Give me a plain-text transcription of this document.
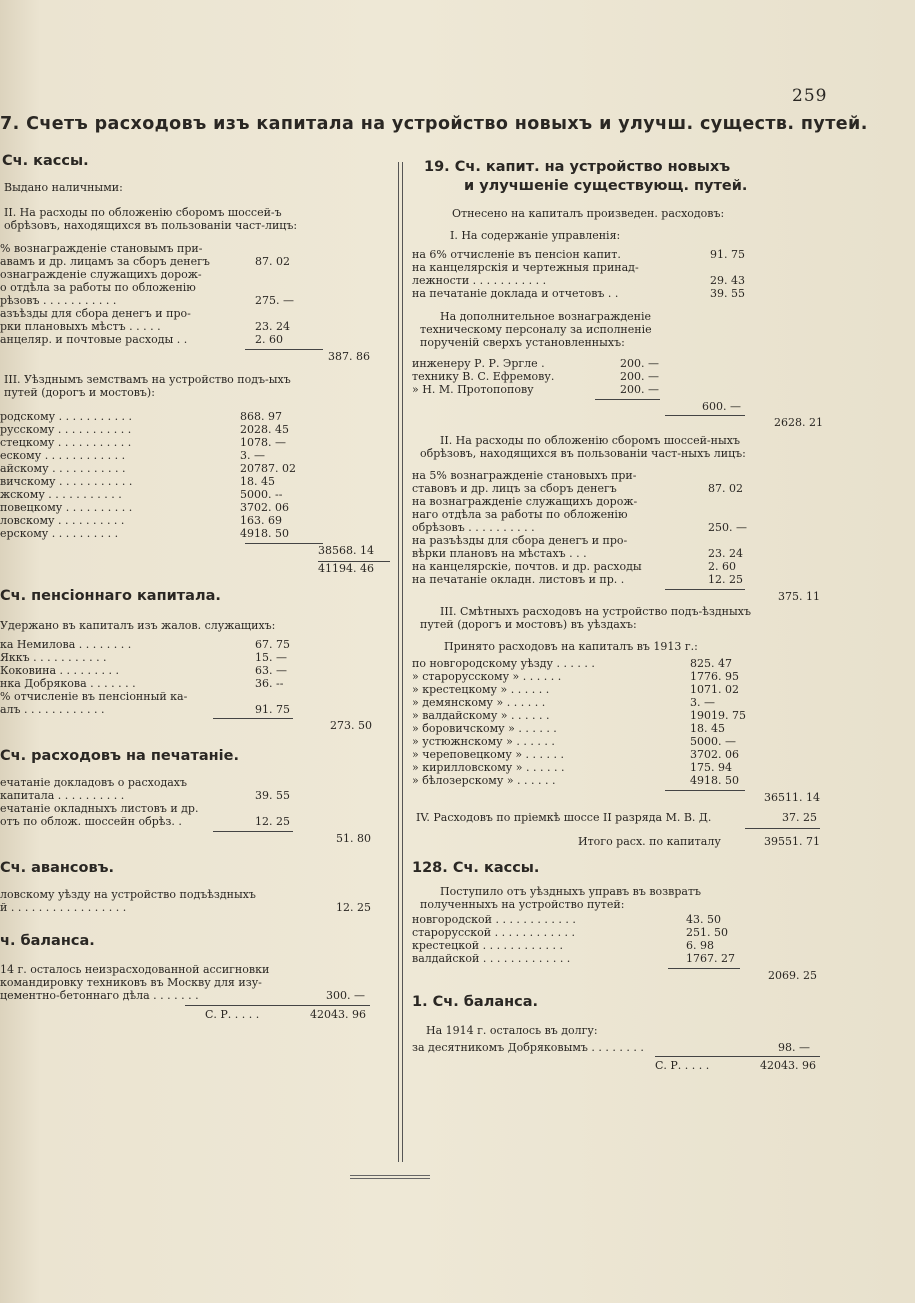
259
7. Счетъ расходовъ изъ капитала на устройство новыхъ и улучш. существ. путей.
Сч. кассы.

Выдано наличными:

II. На расходы по обложенію сборомъ шоссей-ъ обрѣзовъ, находящихся въ пользованіи част-лицъ:

% вознагражденіе становымъ при-
авамъ и др. лицамъ за сборъ денегъ	87. 02
ознагражденіе служащихъ дорож-
о отдѣла за работы по обложенію
рѣзовъ . . . . . . . . . . .	275. —
азъѣзды для сбора денегъ и про-
рки плановыхъ мѣстъ . . . . .	23. 24
анцеляр. и почтовые расходы . .	2. 60
387. 86

III. Уѣзднымъ земствамъ на устройство подъ-ыхъ путей (дорогъ и мостовъ):

родскому . . . . . . . . . . .	868. 97
русскому . . . . . . . . . . .	2028. 45
стецкому . . . . . . . . . . .	1078. —
ескому . . . . . . . . . . . .	3. —
айскому . . . . . . . . . . .	20787. 02
вичскому . . . . . . . . . . .	18. 45
жскому . . . . . . . . . . .	5000. --
повецкому . . . . . . . . . .	3702. 06
ловскому . . . . . . . . . .	163. 69
ерскому . . . . . . . . . .	4918. 50
38568. 14
41194. 46
Сч. пенсіоннаго капитала.

Удержано въ капиталъ изъ жалов. служащихъ:

ка Немилова . . . . . . . .	67. 75
Яккъ . . . . . . . . . . .	15. —
Коковина . . . . . . . . .	63. —
нка Добрякова . . . . . . .	36. --
% отчисленіе въ пенсіонный ка-
алъ . . . . . . . . . . . .	91. 75
273. 50
Сч. расходовъ на печатаніе.
ечатаніе докладовъ о расходахъ
капитала . . . . . . . . . .	39. 55
ечатаніе окладныхъ листовъ и др.
отъ по облож. шоссейн обрѣз. .	12. 25
51. 80
Сч. авансовъ.
ловскому уѣзду на устройство подъѣздныхъ
й . . . . . . . . . . . . . . . . .	12. 25
ч. баланса.
14 г. осталось неизрасходованной ассигновки
командировку техниковъ въ Москву для изу-
цементно-бетоннаго дѣла . . . . . . .	300. —
С. Р. . . . .	42043. 96
19. Сч. капит. на устройство новыхъ
и улучшеніе существующ. путей.

Отнесено на капиталъ произведен. расходовъ:

I. На содержаніе управленія:

на 6% отчисленіе въ пенсіон капит.	91. 75
на канцелярскія и чертежныя принад-
лежности . . . . . . . . . . .	29. 43
на печатаніе доклада и отчетовъ . .	39. 55

На дополнительное вознагражденіе техническому персоналу за исполненіе порученій сверхъ установленныхъ:

инженеру Р. Р. Эргле .	200. —
технику В. С. Ефремову.	200. —
» Н. М. Протопопову	200. —
600. —
2628. 21

II. На расходы по обложенію сборомъ шоссей-ныхъ обрѣзовъ, находящихся въ пользованіи част-ныхъ лицъ:

на 5% вознагражденіе становыхъ при-
ставовъ и др. лицъ за сборъ денегъ	87. 02
на вознагражденіе служащихъ дорож-
наго отдѣла за работы по обложенію
обрѣзовъ . . . . . . . . . .	250. —
на разъѣзды для сбора денегъ и про-
вѣрки плановъ на мѣстахъ . . .	23. 24
на канцелярскіе, почтов. и др. расходы	2. 60
на печатаніе окладн. листовъ и пр. .	12. 25
375. 11

III. Смѣтныхъ расходовъ на устройство подъ-ѣздныхъ путей (дорогъ и мостовъ) въ уѣздахъ:

Принято расходовъ на капиталъ въ 1913 г.:

по новгородскому уѣзду . . . . . .	825. 47
» старорусскому » . . . . . .	1776. 95
» крестецкому » . . . . . .	1071. 02
» демянскому » . . . . . .	3. —
» валдайскому » . . . . . .	19019. 75
» боровичскому » . . . . . .	18. 45
» устюжнскому » . . . . . .	5000. —
» череповецкому » . . . . . .	3702. 06
» кирилловскому » . . . . . .	175. 94
» бѣлозерскому » . . . . . .	4918. 50
36511. 14
IV. Расходовъ по пріемкѣ шоссе II разряда М. В. Д.	37. 25
Итого расх. по капиталу	39551. 71
128. Сч. кассы.

Поступило отъ уѣздныхъ управъ въ возвратъ полученныхъ на устройство путей:

новгородской . . . . . . . . . . . .	43. 50
старорусской . . . . . . . . . . . .	251. 50
крестецкой . . . . . . . . . . . .	6. 98
валдайской . . . . . . . . . . . . .	1767. 27
2069. 25
1. Сч. баланса.

На 1914 г. осталось въ долгу:

за десятникомъ Добряковымъ . . . . . . . .	98. —
С. Р. . . . .	42043. 96
